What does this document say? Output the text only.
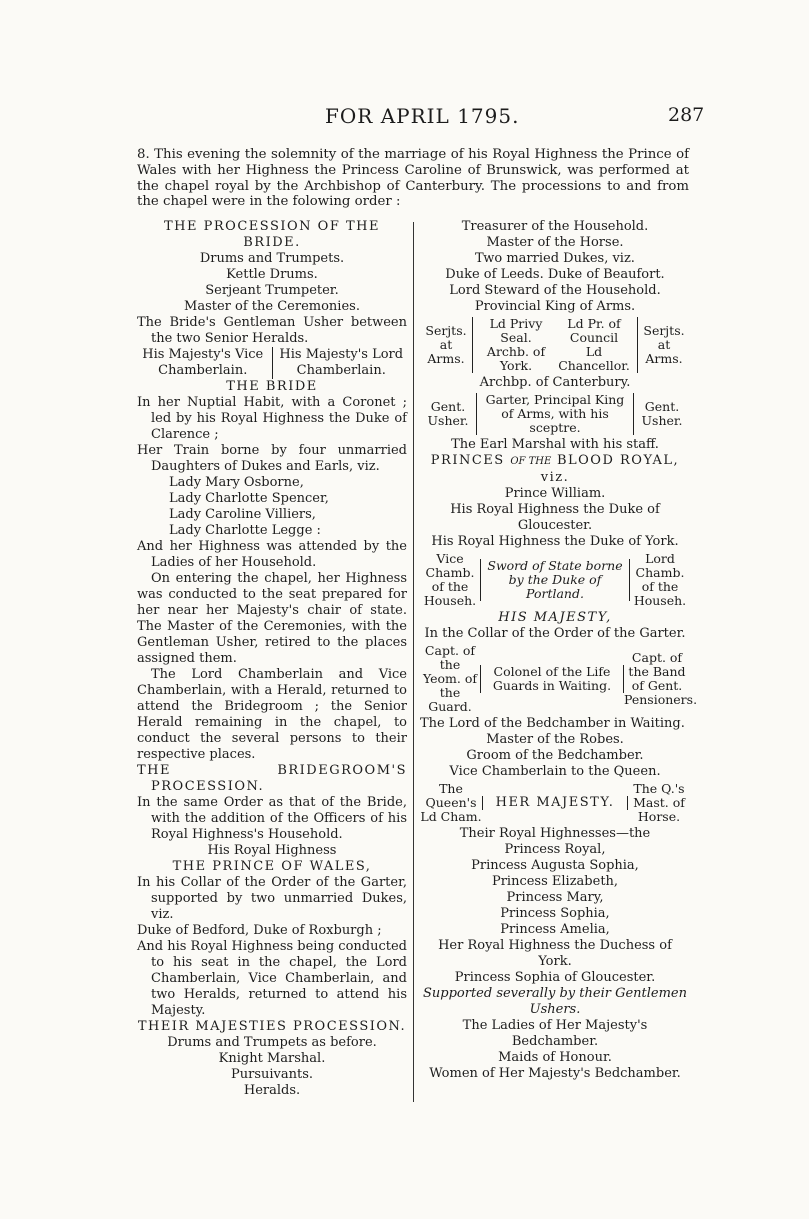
FOR APRIL 1795.	287

8. This evening the solemnity of the marriage of his Royal Highness the Prince of Wales with her Highness the Princess Caroline of Brunswick, was performed at the chapel royal by the Archbishop of Canterbury. The processions to and from the chapel were in the folowing order :

THE PROCESSION OF THE BRIDE.

Drums and Trumpets.

Kettle Drums.

Serjeant Trumpeter.

Master of the Ceremonies.

The Bride's Gentleman Usher between the two Senior Heralds.

His Majesty's Vice Chamberlain.
His Majesty's Lord Chamberlain.

THE BRIDE

In her Nuptial Habit, with a Coronet ; led by his Royal Highness the Duke of Clarence ;

Her Train borne by four unmarried Daughters of Dukes and Earls, viz.

Lady Mary Osborne,

Lady Charlotte Spencer,

Lady Caroline Villiers,

Lady Charlotte Legge :

And her Highness was attended by the Ladies of her Household.

On entering the chapel, her Highness was conducted to the seat prepared for her near her Majesty's chair of state. The Master of the Ceremonies, with the Gentleman Usher, retired to the places assigned them.

The Lord Chamberlain and Vice Chamberlain, with a Herald, returned to attend the Bridegroom ; the Senior Herald remaining in the chapel, to conduct the several persons to their respective places.

THE BRIDEGROOM'S PROCESSION.

In the same Order as that of the Bride, with the addition of the Officers of his Royal Highness's Household.

His Royal Highness

THE PRINCE OF WALES,

In his Collar of the Order of the Garter, supported by two unmarried Dukes, viz.

Duke of Bedford, Duke of Roxburgh ;

And his Royal Highness being conducted to his seat in the chapel, the Lord Chamberlain, Vice Chamberlain, and two Heralds, returned to attend his Majesty.

THEIR MAJESTIES PROCESSION.

Drums and Trumpets as before.

Knight Marshal.

Pursuivants.

Heralds.

Treasurer of the Household.

Master of the Horse.

Two married Dukes, viz.

Duke of Leeds. Duke of Beaufort.

Lord Steward of the Household.

Provincial King of Arms.

Serjts. at Arms.
Ld Privy Seal.
Ld Pr. of Council
Archb. of York.
Ld Chancellor.
Serjts. at Arms.

Archbp. of Canterbury.

Gent. Usher.
Garter, Principal King of Arms, with his sceptre.
Gent. Usher.

The Earl Marshal with his staff.

PRINCES OF THE BLOOD ROYAL, viz.

Prince William.

His Royal Highness the Duke of Gloucester.

His Royal Highness the Duke of York.

Vice Chamb. of the Househ.
Sword of State borne by the Duke of Portland.
Lord Chamb. of the Househ.

HIS MAJESTY,

In the Collar of the Order of the Garter.

Capt. of the Yeom. of the Guard.
Colonel of the Life Guards in Waiting.
Capt. of the Band of Gent. Pensioners.

The Lord of the Bedchamber in Waiting.

Master of the Robes.

Groom of the Bedchamber.

Vice Chamberlain to the Queen.

The Queen's Ld Cham.
HER MAJESTY.
The Q.'s Mast. of Horse.

Their Royal Highnesses—the

Princess Royal,

Princess Augusta Sophia,

Princess Elizabeth,

Princess Mary,

Princess Sophia,

Princess Amelia,

Her Royal Highness the Duchess of York.

Princess Sophia of Gloucester.

Supported severally by their Gentlemen Ushers.

The Ladies of Her Majesty's Bedchamber.

Maids of Honour.

Women of Her Majesty's Bedchamber.
